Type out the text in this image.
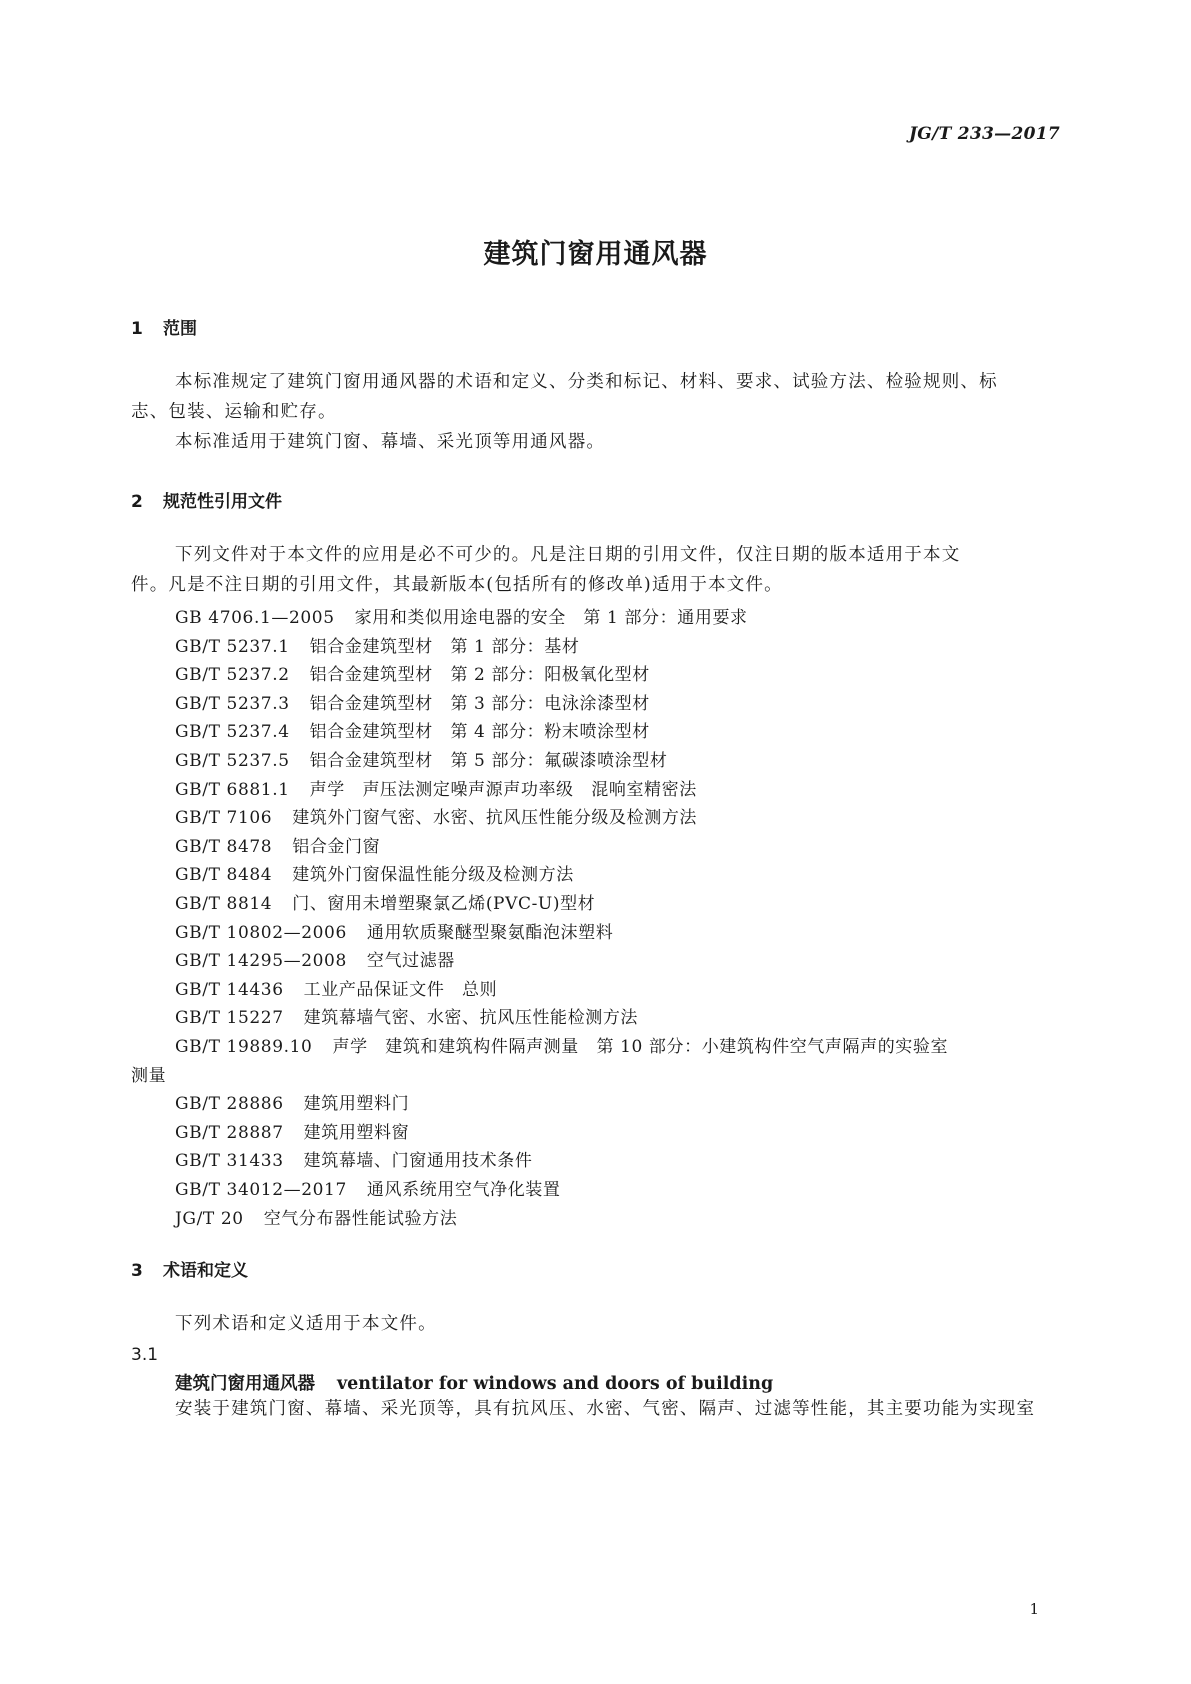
JG/T 233—2017
建筑门窗用通风器
1 范围
本标准规定了建筑门窗用通风器的术语和定义、分类和标记、材料、要求、试验方法、检验规则、标
志、包装、运输和贮存。
本标准适用于建筑门窗、幕墙、采光顶等用通风器。
2 规范性引用文件
下列文件对于本文件的应用是必不可少的。凡是注日期的引用文件，仅注日期的版本适用于本文
件。凡是不注日期的引用文件，其最新版本(包括所有的修改单)适用于本文件。
GB 4706.1—2005 家用和类似用途电器的安全　第 1 部分：通用要求
GB/T 5237.1 铝合金建筑型材　第 1 部分：基材
GB/T 5237.2 铝合金建筑型材　第 2 部分：阳极氧化型材
GB/T 5237.3 铝合金建筑型材　第 3 部分：电泳涂漆型材
GB/T 5237.4 铝合金建筑型材　第 4 部分：粉末喷涂型材
GB/T 5237.5 铝合金建筑型材　第 5 部分：氟碳漆喷涂型材
GB/T 6881.1 声学　声压法测定噪声源声功率级　混响室精密法
GB/T 7106 建筑外门窗气密、水密、抗风压性能分级及检测方法
GB/T 8478 铝合金门窗
GB/T 8484 建筑外门窗保温性能分级及检测方法
GB/T 8814 门、窗用未增塑聚氯乙烯(PVC-U)型材
GB/T 10802—2006 通用软质聚醚型聚氨酯泡沫塑料
GB/T 14295—2008 空气过滤器
GB/T 14436 工业产品保证文件　总则
GB/T 15227 建筑幕墙气密、水密、抗风压性能检测方法
GB/T 19889.10 声学　建筑和建筑构件隔声测量　第 10 部分：小建筑构件空气声隔声的实验室
测量
GB/T 28886 建筑用塑料门
GB/T 28887 建筑用塑料窗
GB/T 31433 建筑幕墙、门窗通用技术条件
GB/T 34012—2017 通风系统用空气净化装置
JG/T 20 空气分布器性能试验方法
3 术语和定义
下列术语和定义适用于本文件。
3.1
建筑门窗用通风器 ventilator for windows and doors of building
安装于建筑门窗、幕墙、采光顶等，具有抗风压、水密、气密、隔声、过滤等性能，其主要功能为实现室
1
